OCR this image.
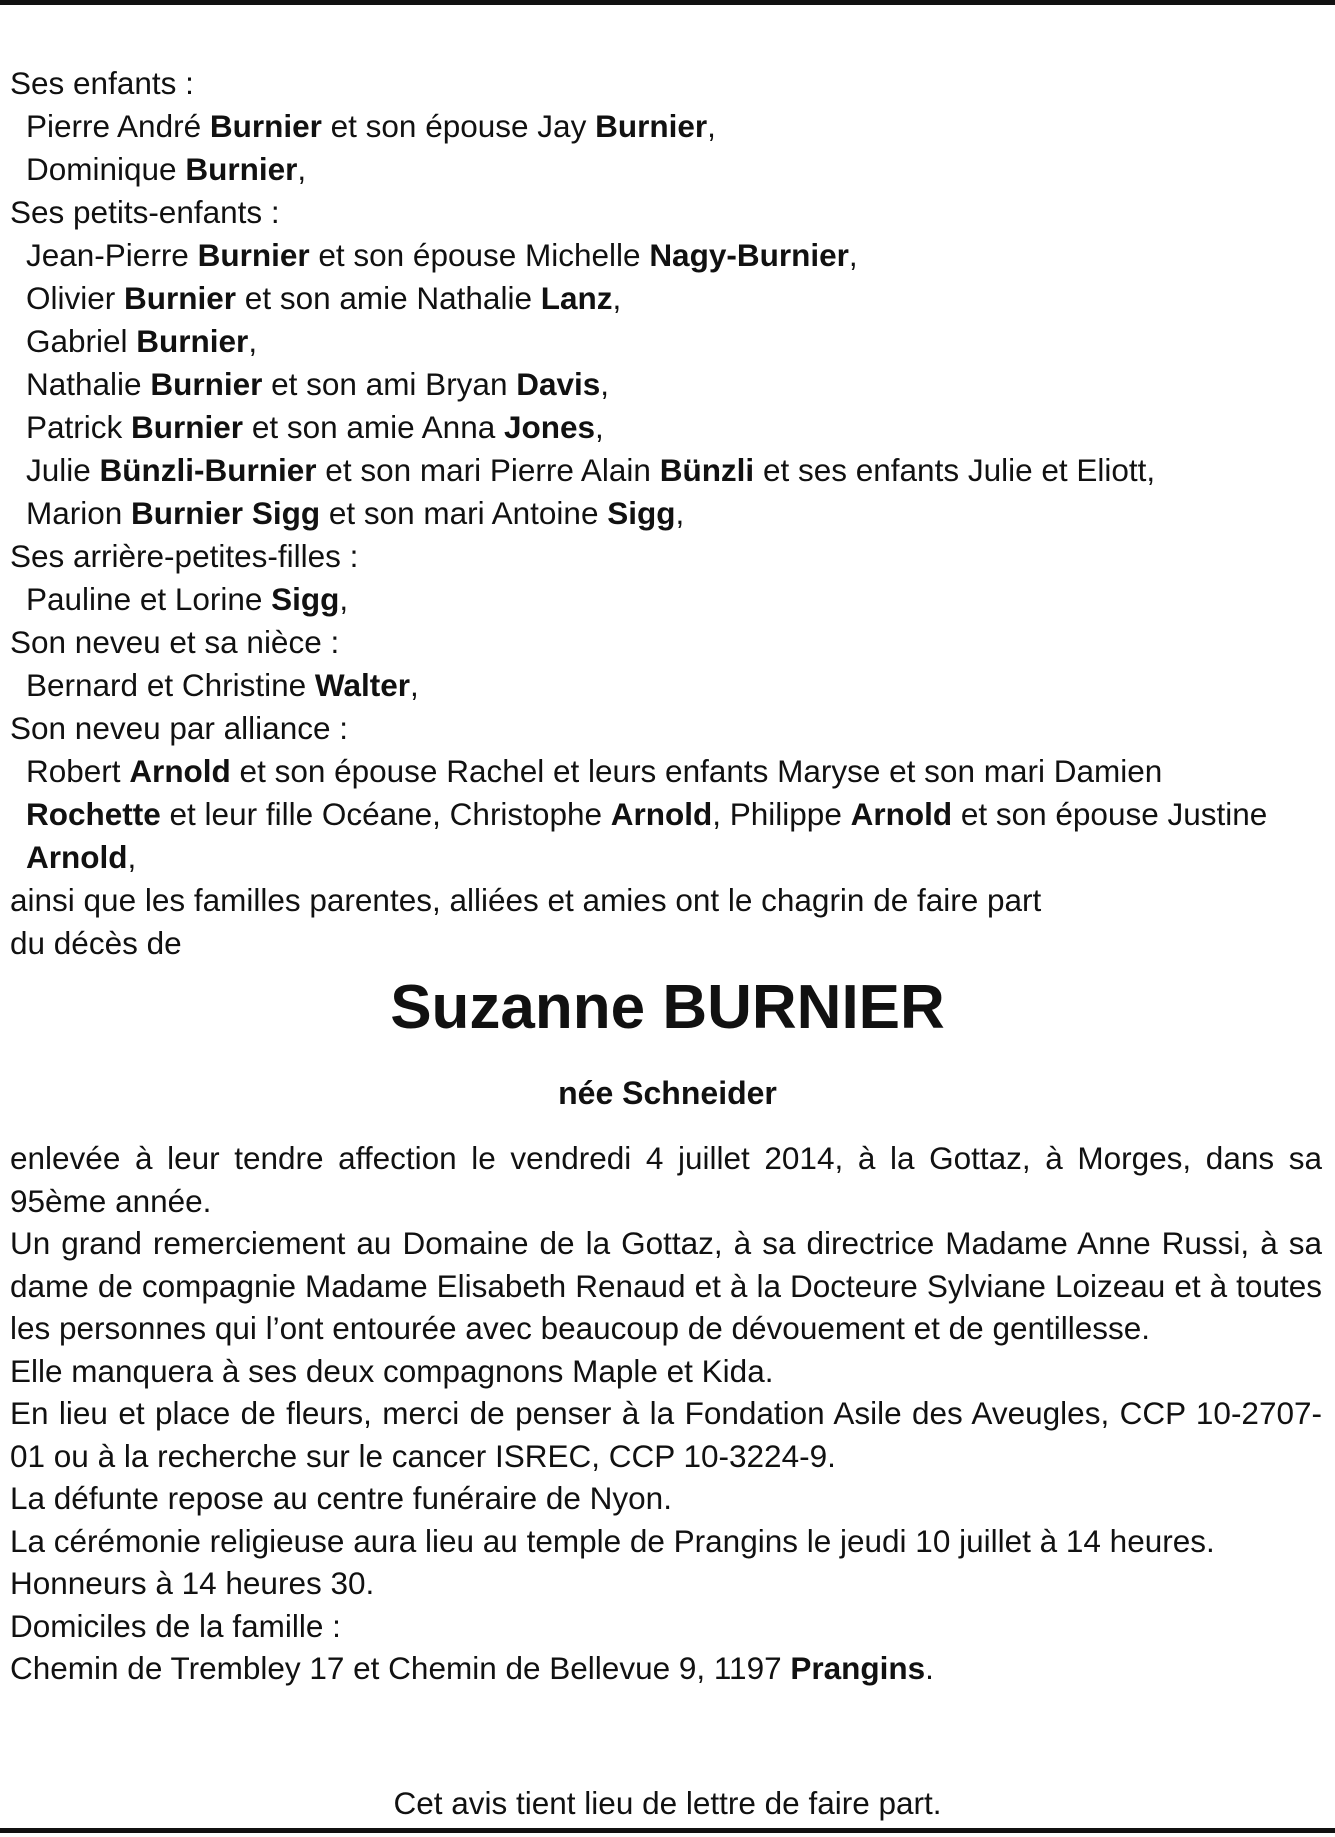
Ses enfants :
Pierre André Burnier et son épouse Jay Burnier,
Dominique Burnier,
Ses petits-enfants :
Jean-Pierre Burnier et son épouse Michelle Nagy-Burnier,
Olivier Burnier et son amie Nathalie Lanz,
Gabriel Burnier,
Nathalie Burnier et son ami Bryan Davis,
Patrick Burnier et son amie Anna Jones,
Julie Bünzli-Burnier et son mari Pierre Alain Bünzli et ses enfants Julie et Eliott,
Marion Burnier Sigg et son mari Antoine Sigg,
Ses arrière-petites-filles :
Pauline et Lorine Sigg,
Son neveu et sa nièce :
Bernard et Christine Walter,
Son neveu par alliance :
Robert Arnold et son épouse Rachel et leurs enfants Maryse et son mari Damien Rochette et leur fille Océane, Christophe Arnold, Philippe Arnold et son épouse Justine Arnold,
ainsi que les familles parentes, alliées et amies ont le chagrin de faire part
du décès de
Suzanne BURNIER
née Schneider

enlevée à leur tendre affection le vendredi 4 juillet 2014, à la Gottaz, à Morges, dans sa 95ème année.

Un grand remerciement au Domaine de la Gottaz, à sa directrice Madame Anne Russi, à sa dame de compagnie Madame Elisabeth Renaud et à la Docteure Sylviane Loizeau et à toutes les personnes qui l’ont entourée avec beaucoup de dévouement et de gentillesse.

Elle manquera à ses deux compagnons Maple et Kida.

En lieu et place de fleurs, merci de penser à la Fondation Asile des Aveugles, CCP 10-2707-01 ou à la recherche sur le cancer ISREC, CCP 10-3224-9.

La défunte repose au centre funéraire de Nyon.

La cérémonie religieuse aura lieu au temple de Prangins le jeudi 10 juillet à 14 heures.

Honneurs à 14 heures 30.

Domiciles de la famille :

Chemin de Trembley 17 et Chemin de Bellevue 9, 1197 Prangins.

Cet avis tient lieu de lettre de faire part.
